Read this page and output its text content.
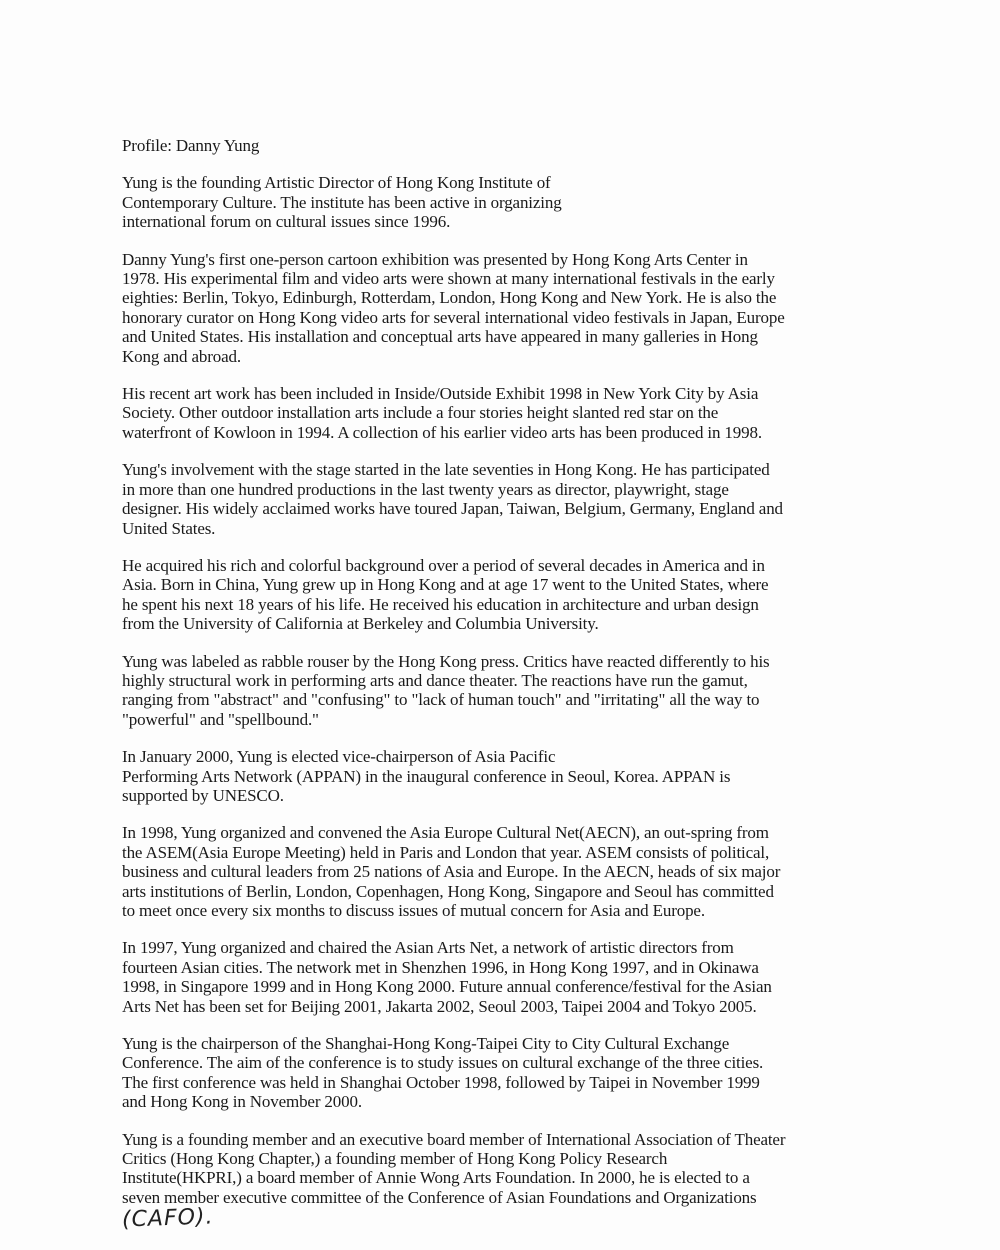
Profile: Danny Yung
Yung is the founding Artistic Director of Hong Kong Institute of
Contemporary Culture. The institute has been active in organizing
international forum on cultural issues since 1996.
Danny Yung's first one-person cartoon exhibition was presented by Hong Kong Arts Center in
1978. His experimental film and video arts were shown at many international festivals in the early
eighties: Berlin, Tokyo, Edinburgh, Rotterdam, London, Hong Kong and New York. He is also the
honorary curator on Hong Kong video arts for several international video festivals in Japan, Europe
and United States. His installation and conceptual arts have appeared in many galleries in Hong
Kong and abroad.
His recent art work has been included in Inside/Outside Exhibit 1998 in New York City by Asia
Society. Other outdoor installation arts include a four stories height slanted red star on the
waterfront of Kowloon in 1994. A collection of his earlier video arts has been produced in 1998.
Yung's involvement with the stage started in the late seventies in Hong Kong. He has participated
in more than one hundred productions in the last twenty years as director, playwright, stage
designer. His widely acclaimed works have toured Japan, Taiwan, Belgium, Germany, England and
United States.
He acquired his rich and colorful background over a period of several decades in America and in
Asia. Born in China, Yung grew up in Hong Kong and at age 17 went to the United States, where
he spent his next 18 years of his life. He received his education in architecture and urban design
from the University of California at Berkeley and Columbia University.
Yung was labeled as rabble rouser by the Hong Kong press. Critics have reacted differently to his
highly structural work in performing arts and dance theater. The reactions have run the gamut,
ranging from "abstract" and "confusing" to "lack of human touch" and "irritating" all the way to
"powerful" and "spellbound."
In January 2000, Yung is elected vice-chairperson of Asia Pacific
Performing Arts Network (APPAN) in the inaugural conference in Seoul, Korea. APPAN is
supported by UNESCO.
In 1998, Yung organized and convened the Asia Europe Cultural Net(AECN), an out-spring from
the ASEM(Asia Europe Meeting) held in Paris and London that year. ASEM consists of political,
business and cultural leaders from 25 nations of Asia and Europe. In the AECN, heads of six major
arts institutions of Berlin, London, Copenhagen, Hong Kong, Singapore and Seoul has committed
to meet once every six months to discuss issues of mutual concern for Asia and Europe.
In 1997, Yung organized and chaired the Asian Arts Net, a network of artistic directors from
fourteen Asian cities. The network met in Shenzhen 1996, in Hong Kong 1997, and in Okinawa
1998, in Singapore 1999 and in Hong Kong 2000. Future annual conference/festival for the Asian
Arts Net has been set for Beijing 2001, Jakarta 2002, Seoul 2003, Taipei 2004 and Tokyo 2005.
Yung is the chairperson of the Shanghai-Hong Kong-Taipei City to City Cultural Exchange
Conference. The aim of the conference is to study issues on cultural exchange of the three cities.
The first conference was held in Shanghai October 1998, followed by Taipei in November 1999
and Hong Kong in November 2000.
Yung is a founding member and an executive board member of International Association of Theater
Critics (Hong Kong Chapter,) a founding member of Hong Kong Policy Research
Institute(HKPRI,) a board member of Annie Wong Arts Foundation. In 2000, he is elected to a
seven member executive committee of the Conference of Asian Foundations and Organizations
(CAFO).
